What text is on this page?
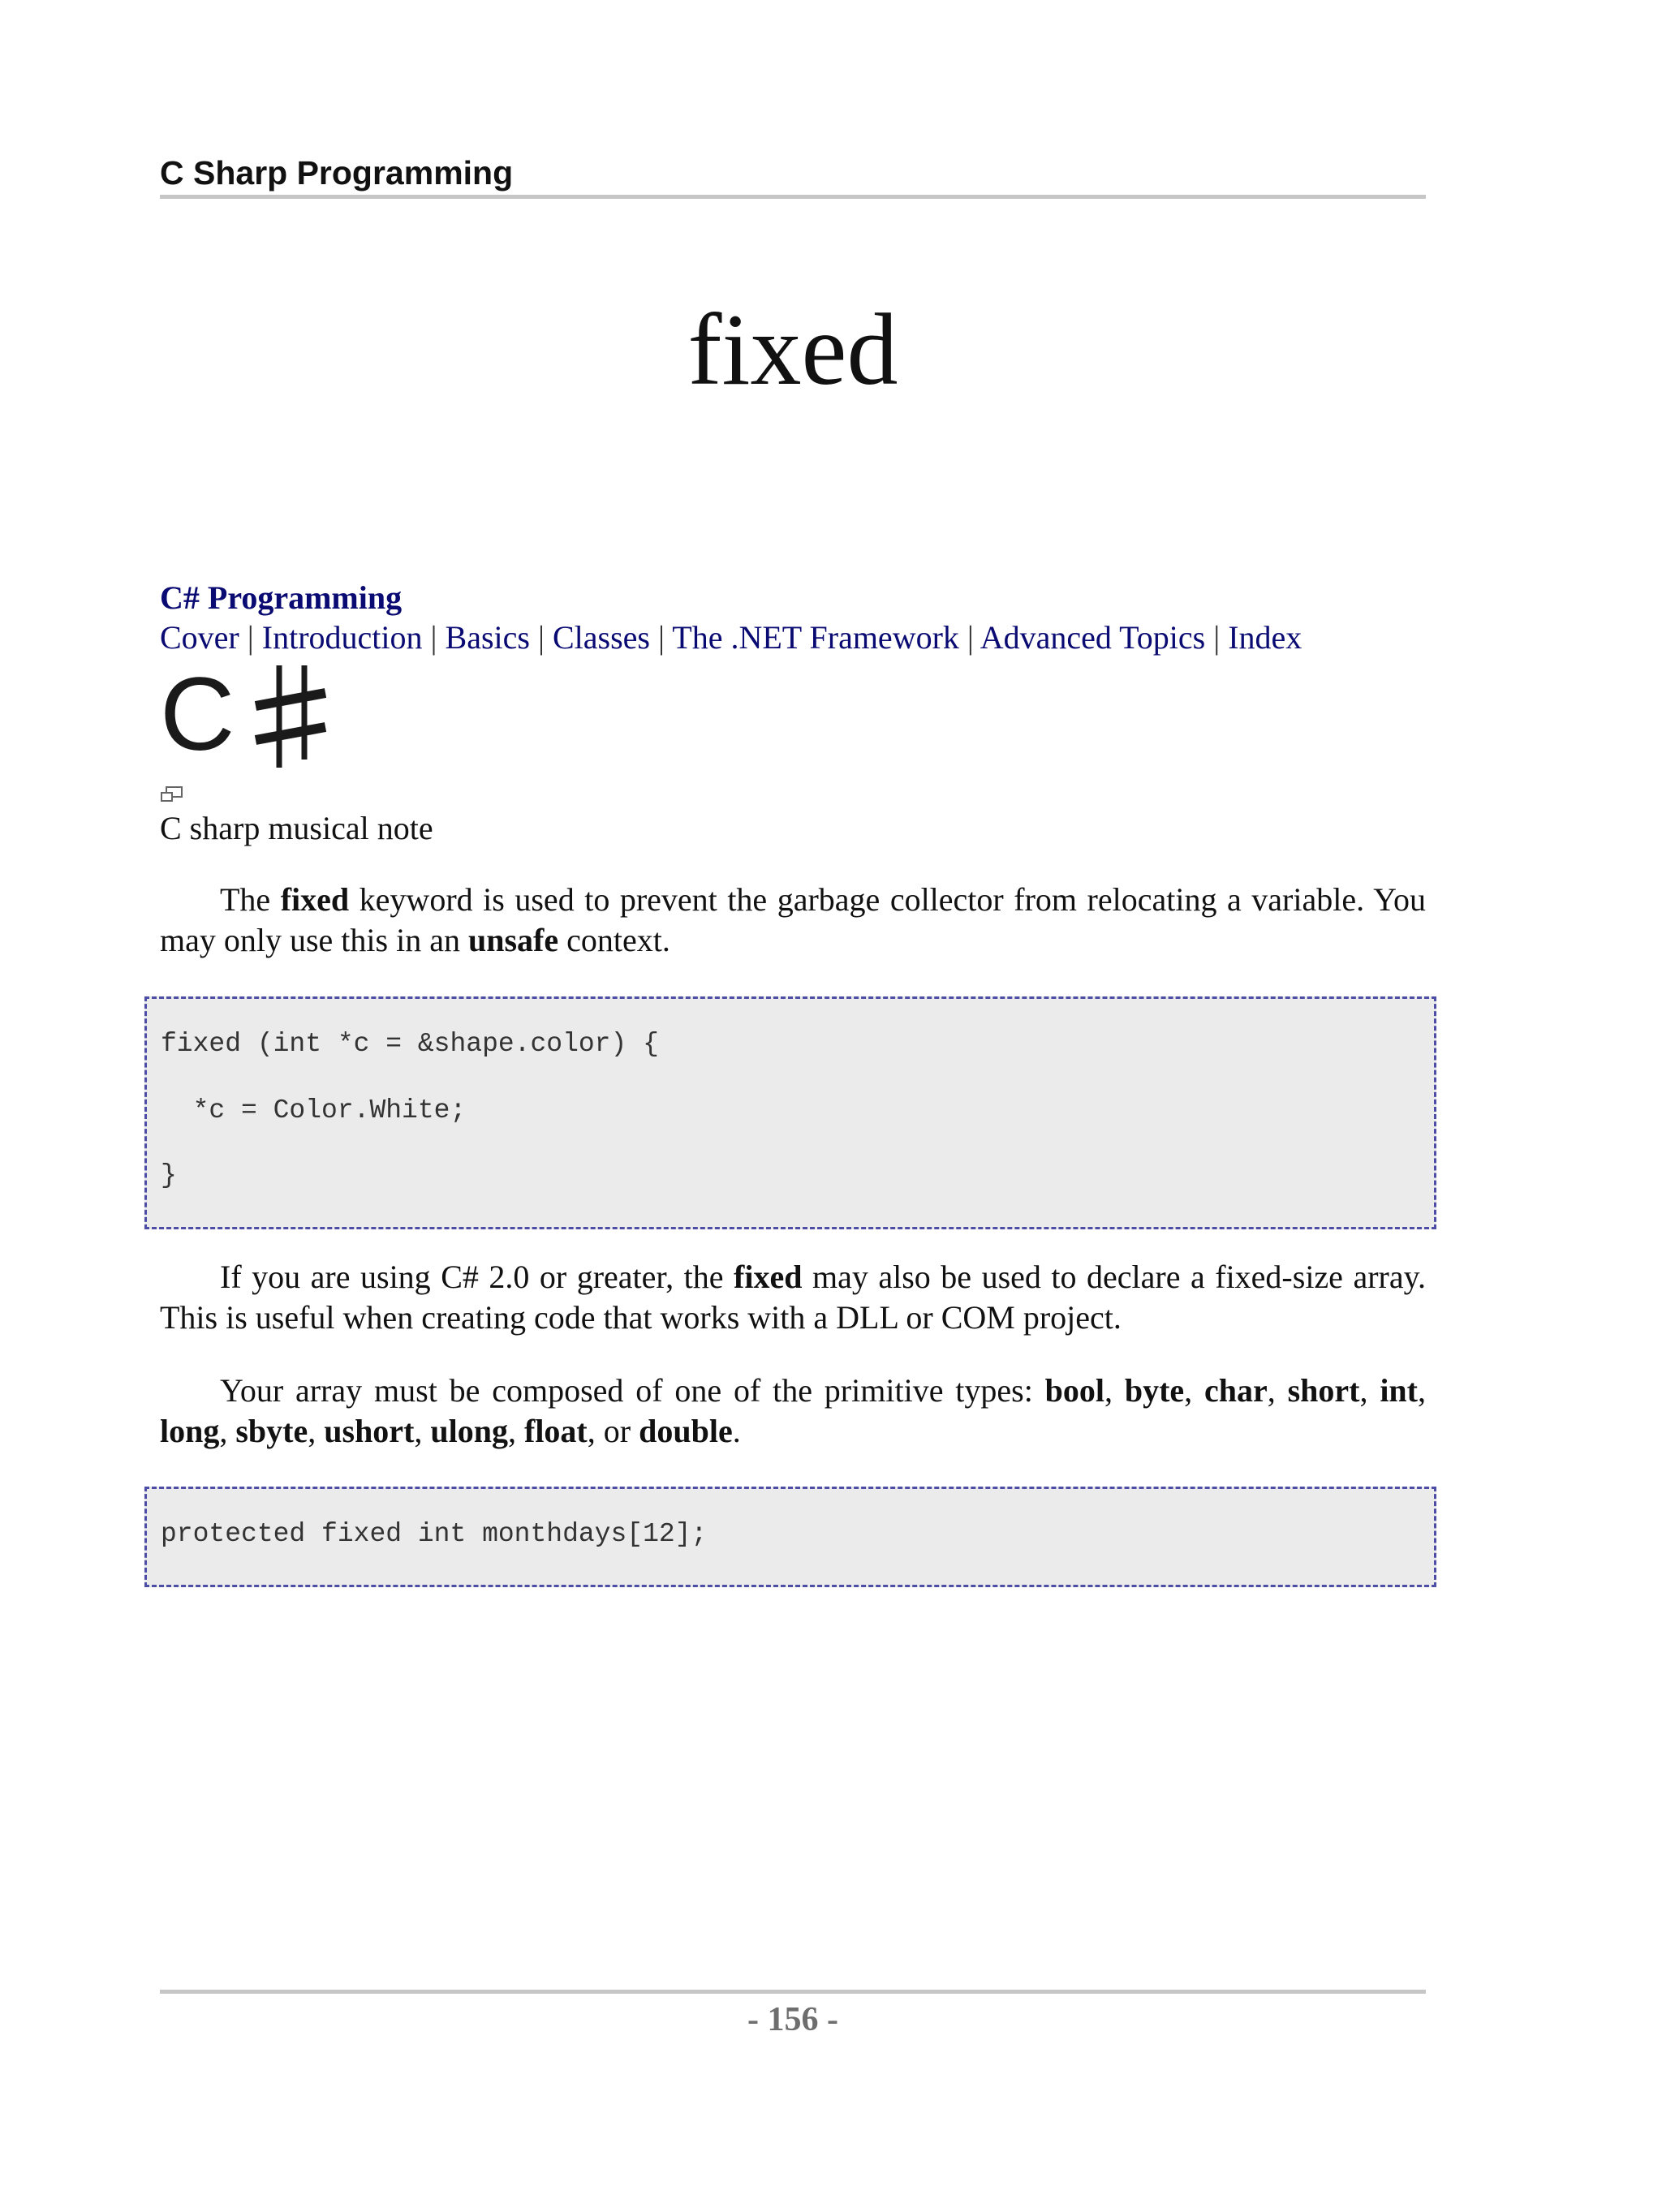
C Sharp Programming
fixed
C# Programming
Cover | Introduction | Basics | Classes | The .NET Framework | Advanced Topics | Index
C
C sharp musical note
The fixed keyword is used to prevent the garbage collector from relocating a variable. You may only use this in an unsafe context.
fixed (int *c = &shape.color) {
*c = Color.White;
}
If you are using C# 2.0 or greater, the fixed may also be used to declare a fixed-size array. This is useful when creating code that works with a DLL or COM project.
Your array must be composed of one of the primitive types: bool, byte, char, short, int, long, sbyte, ushort, ulong, float, or double.
protected fixed int monthdays[12];
- 156 -
